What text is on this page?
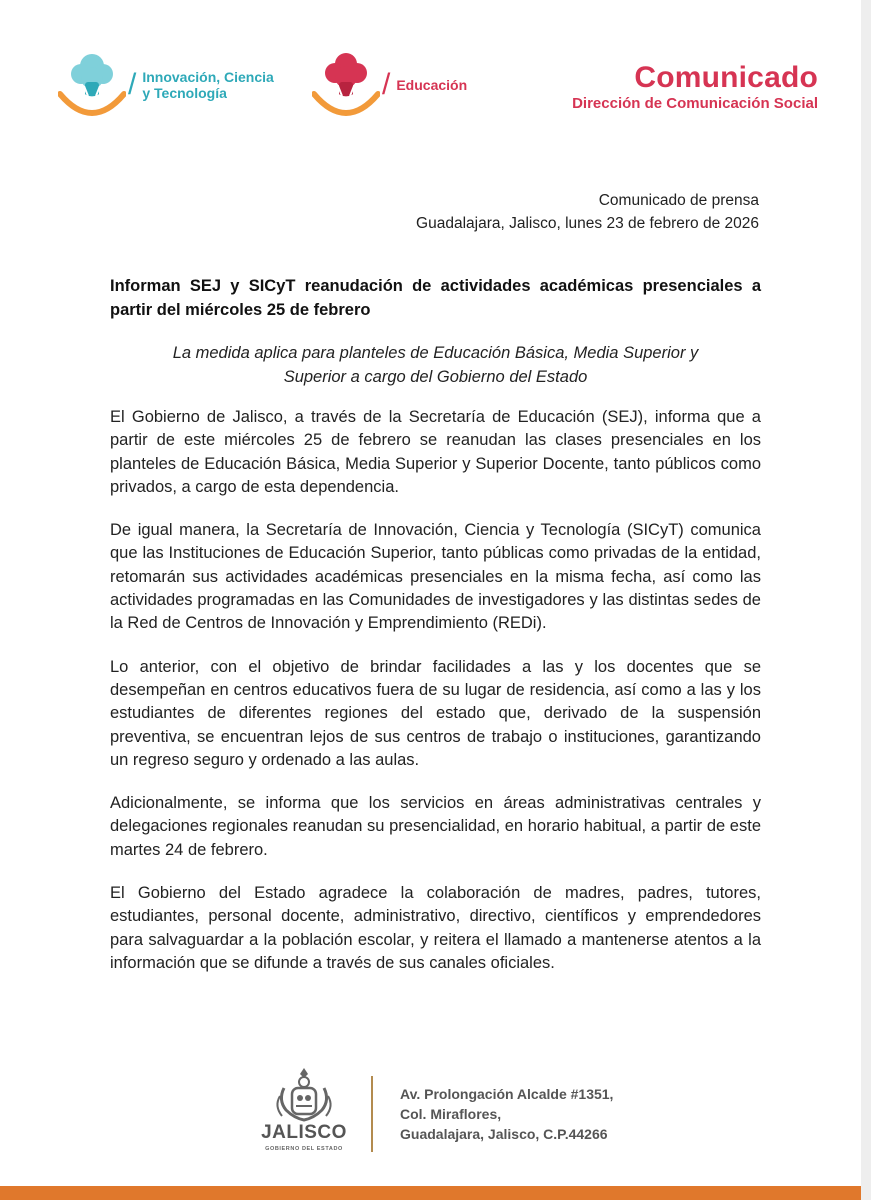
/ Innovación, Ciencia
y Tecnología	/ Educación	Comunicado
Dirección de Comunicación Social
Comunicado de prensa
Guadalajara, Jalisco, lunes 23 de febrero de 2026
Informan SEJ y SICyT reanudación de actividades académicas presenciales a partir del miércoles 25 de febrero
La medida aplica para planteles de Educación Básica, Media Superior y
Superior a cargo del Gobierno del Estado

El Gobierno de Jalisco, a través de la Secretaría de Educación (SEJ), informa que a partir de este miércoles 25 de febrero se reanudan las clases presenciales en los planteles de Educación Básica, Media Superior y Superior Docente, tanto públicos como privados, a cargo de esta dependencia.

De igual manera, la Secretaría de Innovación, Ciencia y Tecnología (SICyT) comunica que las Instituciones de Educación Superior, tanto públicas como privadas de la entidad, retomarán sus actividades académicas presenciales en la misma fecha, así como las actividades programadas en las Comunidades de investigadores y las distintas sedes de la Red de Centros de Innovación y Emprendimiento (REDi).

Lo anterior, con el objetivo de brindar facilidades a las y los docentes que se desempeñan en centros educativos fuera de su lugar de residencia, así como a las y los estudiantes de diferentes regiones del estado que, derivado de la suspensión preventiva, se encuentran lejos de sus centros de trabajo o instituciones, garantizando un regreso seguro y ordenado a las aulas.

Adicionalmente, se informa que los servicios en áreas administrativas centrales y delegaciones regionales reanudan su presencialidad, en horario habitual, a partir de este martes 24 de febrero.

El Gobierno del Estado agradece la colaboración de madres, padres, tutores, estudiantes, personal docente, administrativo, directivo, científicos y emprendedores para salvaguardar a la población escolar, y reitera el llamado a mantenerse atentos a la información que se difunde a través de sus canales oficiales.

JALISCO
GOBIERNO DEL ESTADO
Av. Prolongación Alcalde #1351,
Col. Miraflores,
Guadalajara, Jalisco, C.P.44266
